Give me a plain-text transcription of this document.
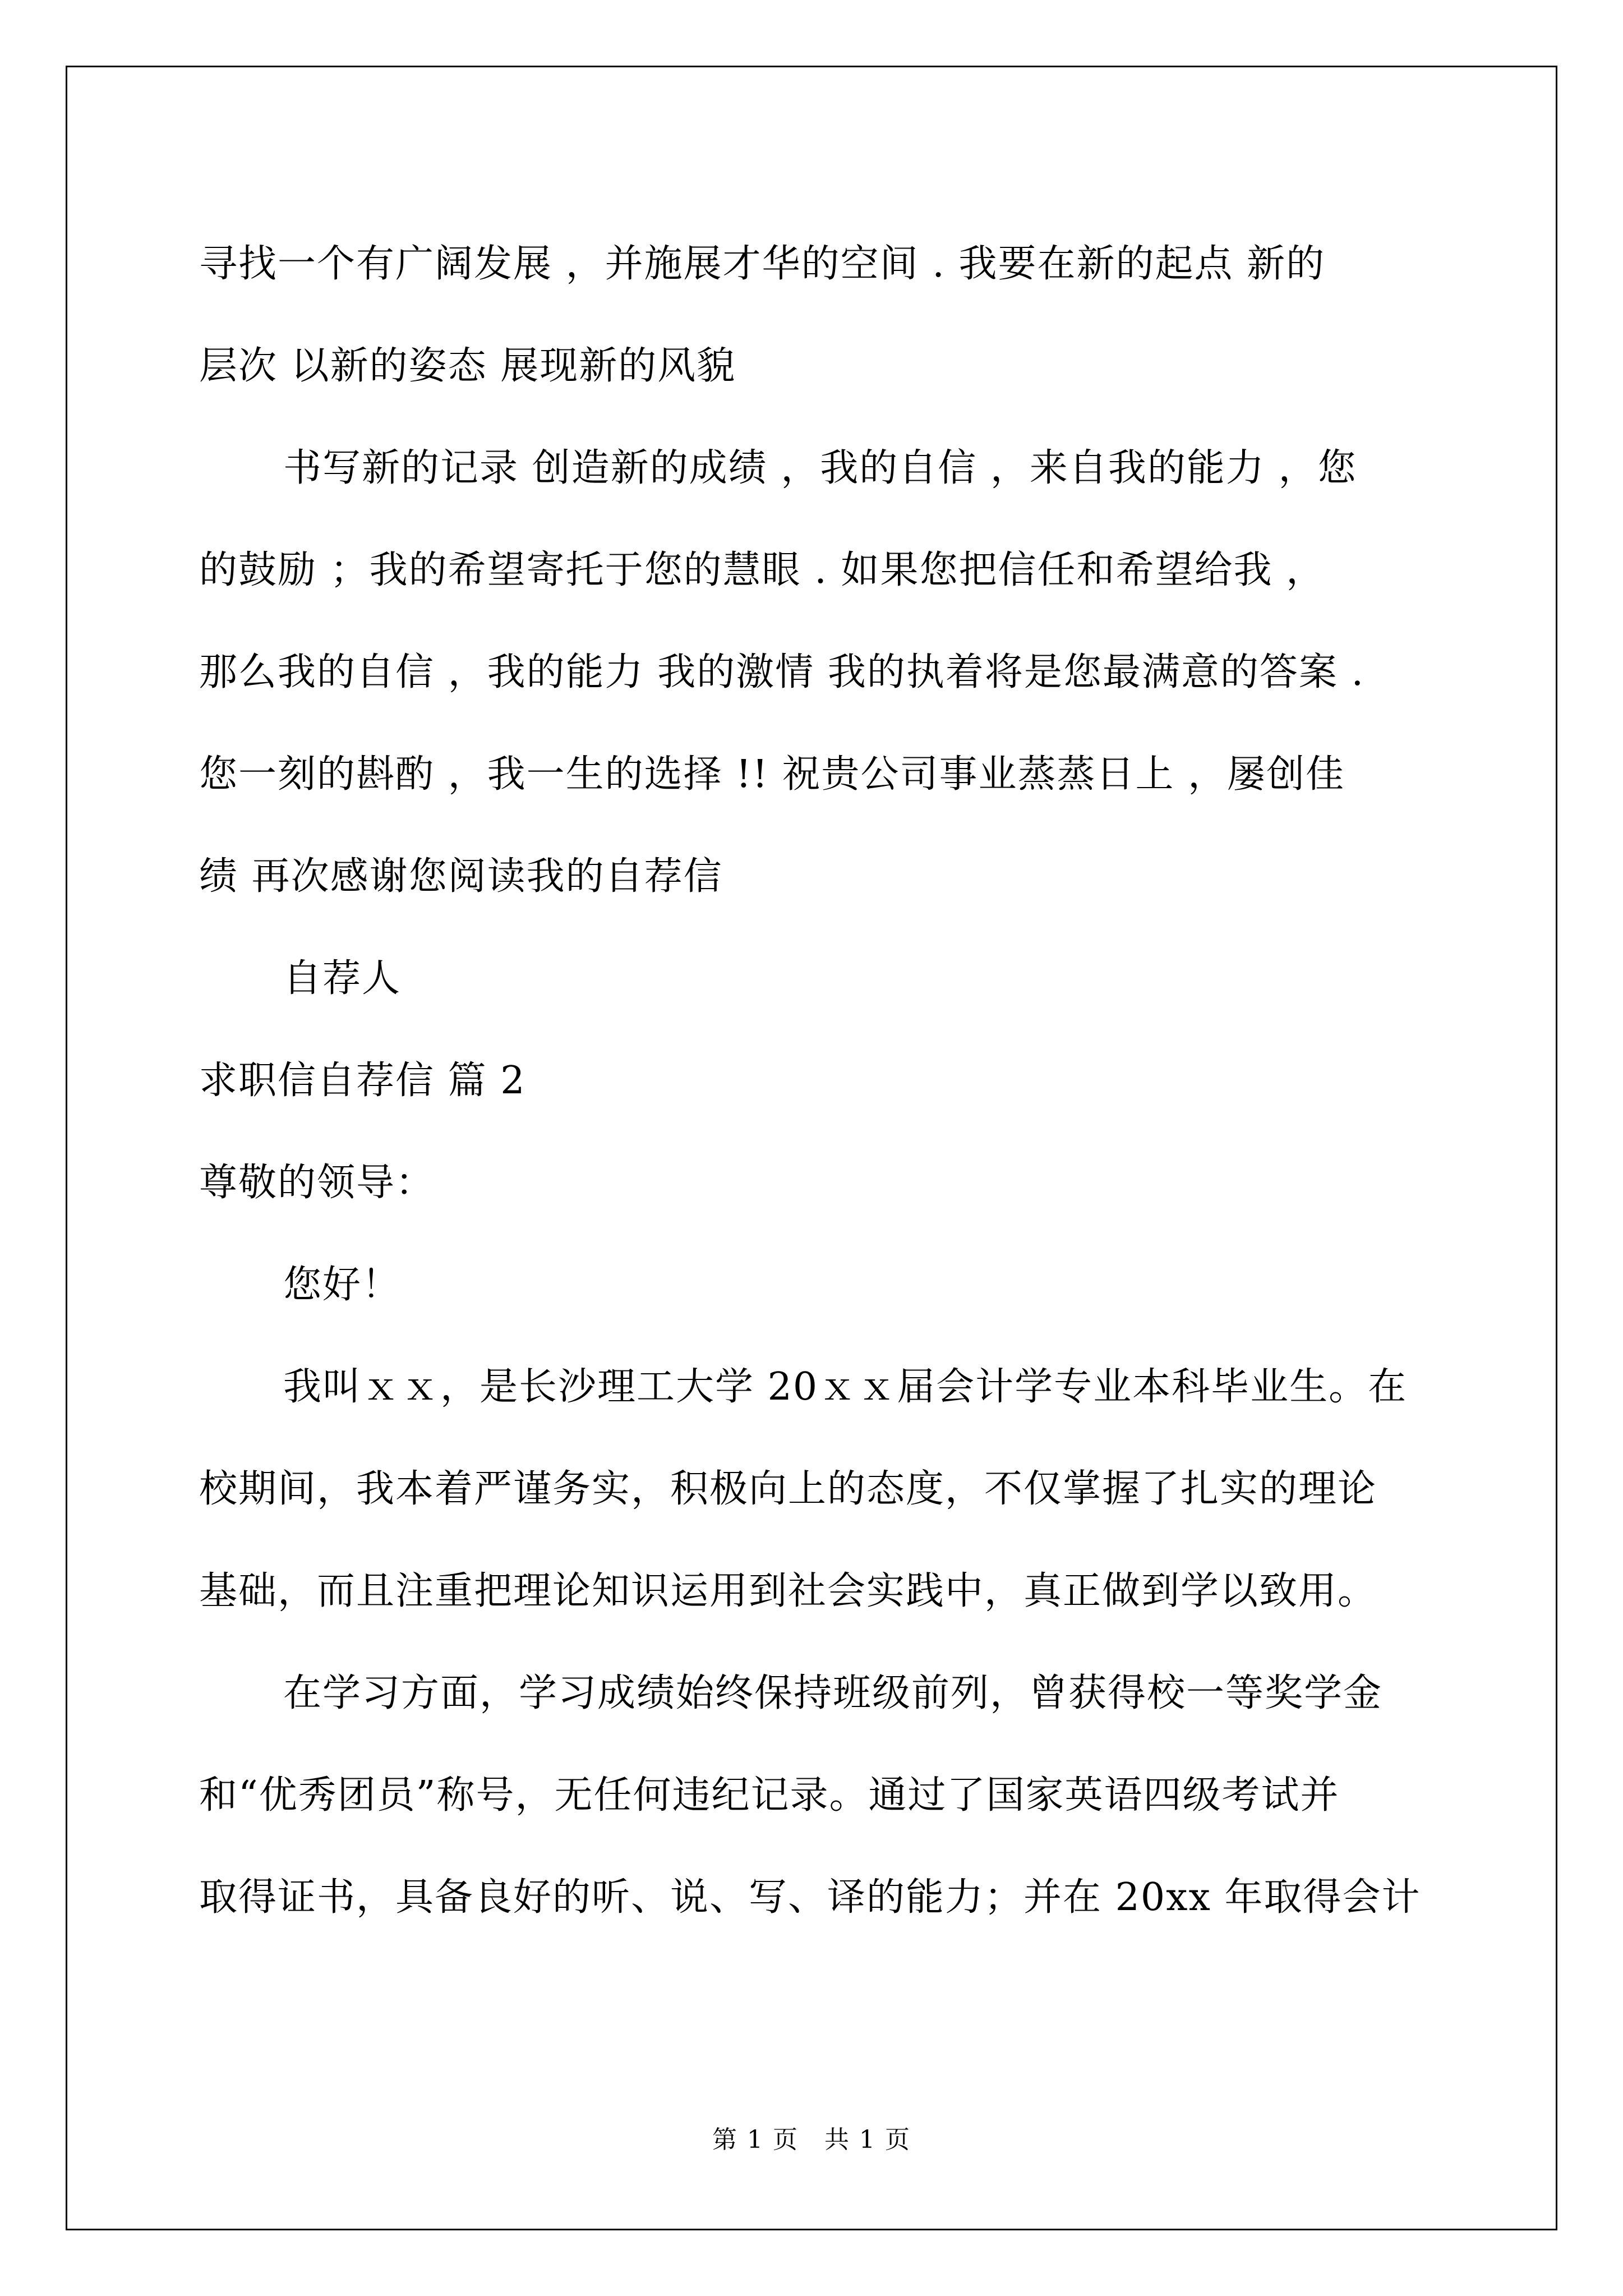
寻找一个有广阔发展 ，并施展才华的空间 . 我要在新的起点 新的
层次 以新的姿态 展现新的风貌
书写新的记录 创造新的成绩 ，我的自信 ，来自我的能力 ，您
的鼓励 ；我的希望寄托于您的慧眼 . 如果您把信任和希望给我 ，
那么我的自信 ，我的能力 我的激情 我的执着将是您最满意的答案 .
您一刻的斟酌 ，我一生的选择 !! 祝贵公司事业蒸蒸日上 ，屡创佳
绩 再次感谢您阅读我的自荐信
自荐人
求职信自荐信 篇 2
尊敬的领导：
您好！
我叫ｘｘ，是长沙理工大学 20ｘｘ届会计学专业本科毕业生。在
校期间，我本着严谨务实，积极向上的态度，不仅掌握了扎实的理论
基础，而且注重把理论知识运用到社会实践中，真正做到学以致用。
在学习方面，学习成绩始终保持班级前列，曾获得校一等奖学金
和“优秀团员”称号，无任何违纪记录。通过了国家英语四级考试并
取得证书，具备良好的听、说、写、译的能力；并在 20xx 年取得会计
第 1 页　共 1 页
